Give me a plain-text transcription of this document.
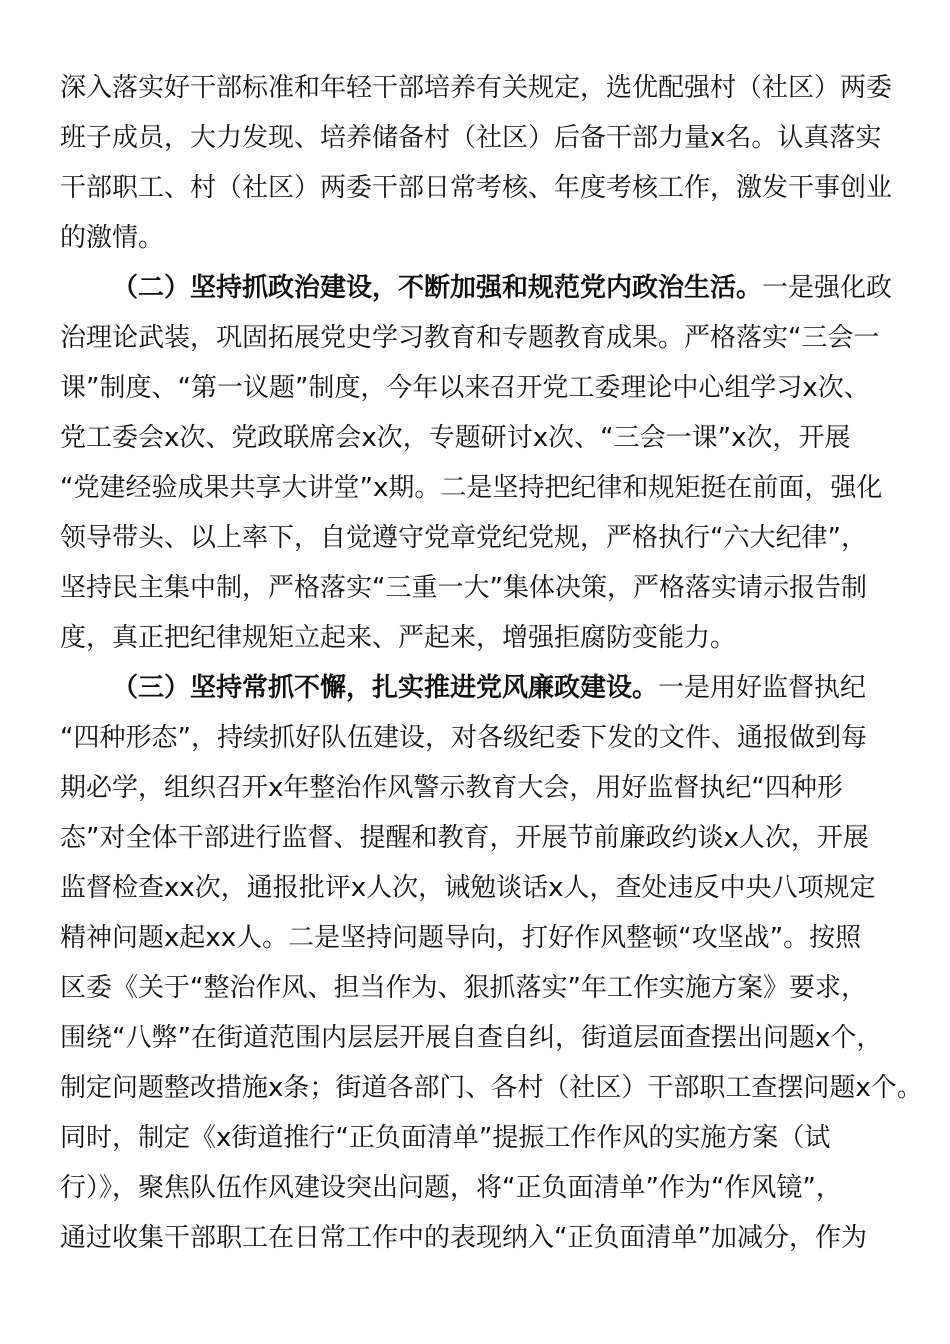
深入落实好干部标准和年轻干部培养有关规定，选优配强村（社区）两委
班子成员，大力发现、培养储备村（社区）后备干部力量x名。认真落实
干部职工、村（社区）两委干部日常考核、年度考核工作，激发干事创业
的激情。
（二）坚持抓政治建设，不断加强和规范党内政治生活。一是强化政
治理论武装，巩固拓展党史学习教育和专题教育成果。严格落实“三会一
课”制度、“第一议题”制度，今年以来召开党工委理论中心组学习x次、
党工委会x次、党政联席会x次，专题研讨x次、“三会一课”x次，开展
“党建经验成果共享大讲堂”x期。二是坚持把纪律和规矩挺在前面，强化
领导带头、以上率下，自觉遵守党章党纪党规，严格执行“六大纪律”，
坚持民主集中制，严格落实“三重一大”集体决策，严格落实请示报告制
度，真正把纪律规矩立起来、严起来，增强拒腐防变能力。
（三）坚持常抓不懈，扎实推进党风廉政建设。一是用好监督执纪
“四种形态”，持续抓好队伍建设，对各级纪委下发的文件、通报做到每
期必学，组织召开x年整治作风警示教育大会，用好监督执纪“四种形
态”对全体干部进行监督、提醒和教育，开展节前廉政约谈x人次，开展
监督检查xx次，通报批评x人次，诫勉谈话x人，查处违反中央八项规定
精神问题x起xx人。二是坚持问题导向，打好作风整顿“攻坚战”。按照
区委《关于“整治作风、担当作为、狠抓落实”年工作实施方案》要求，
围绕“八弊”在街道范围内层层开展自查自纠，街道层面查摆出问题x个，
制定问题整改措施x条；街道各部门、各村（社区）干部职工查摆问题x个。
同时，制定《x街道推行“正负面清单”提振工作作风的实施方案（试
行）》，聚焦队伍作风建设突出问题，将“正负面清单”作为“作风镜”，
通过收集干部职工在日常工作中的表现纳入“正负面清单”加减分，作为
